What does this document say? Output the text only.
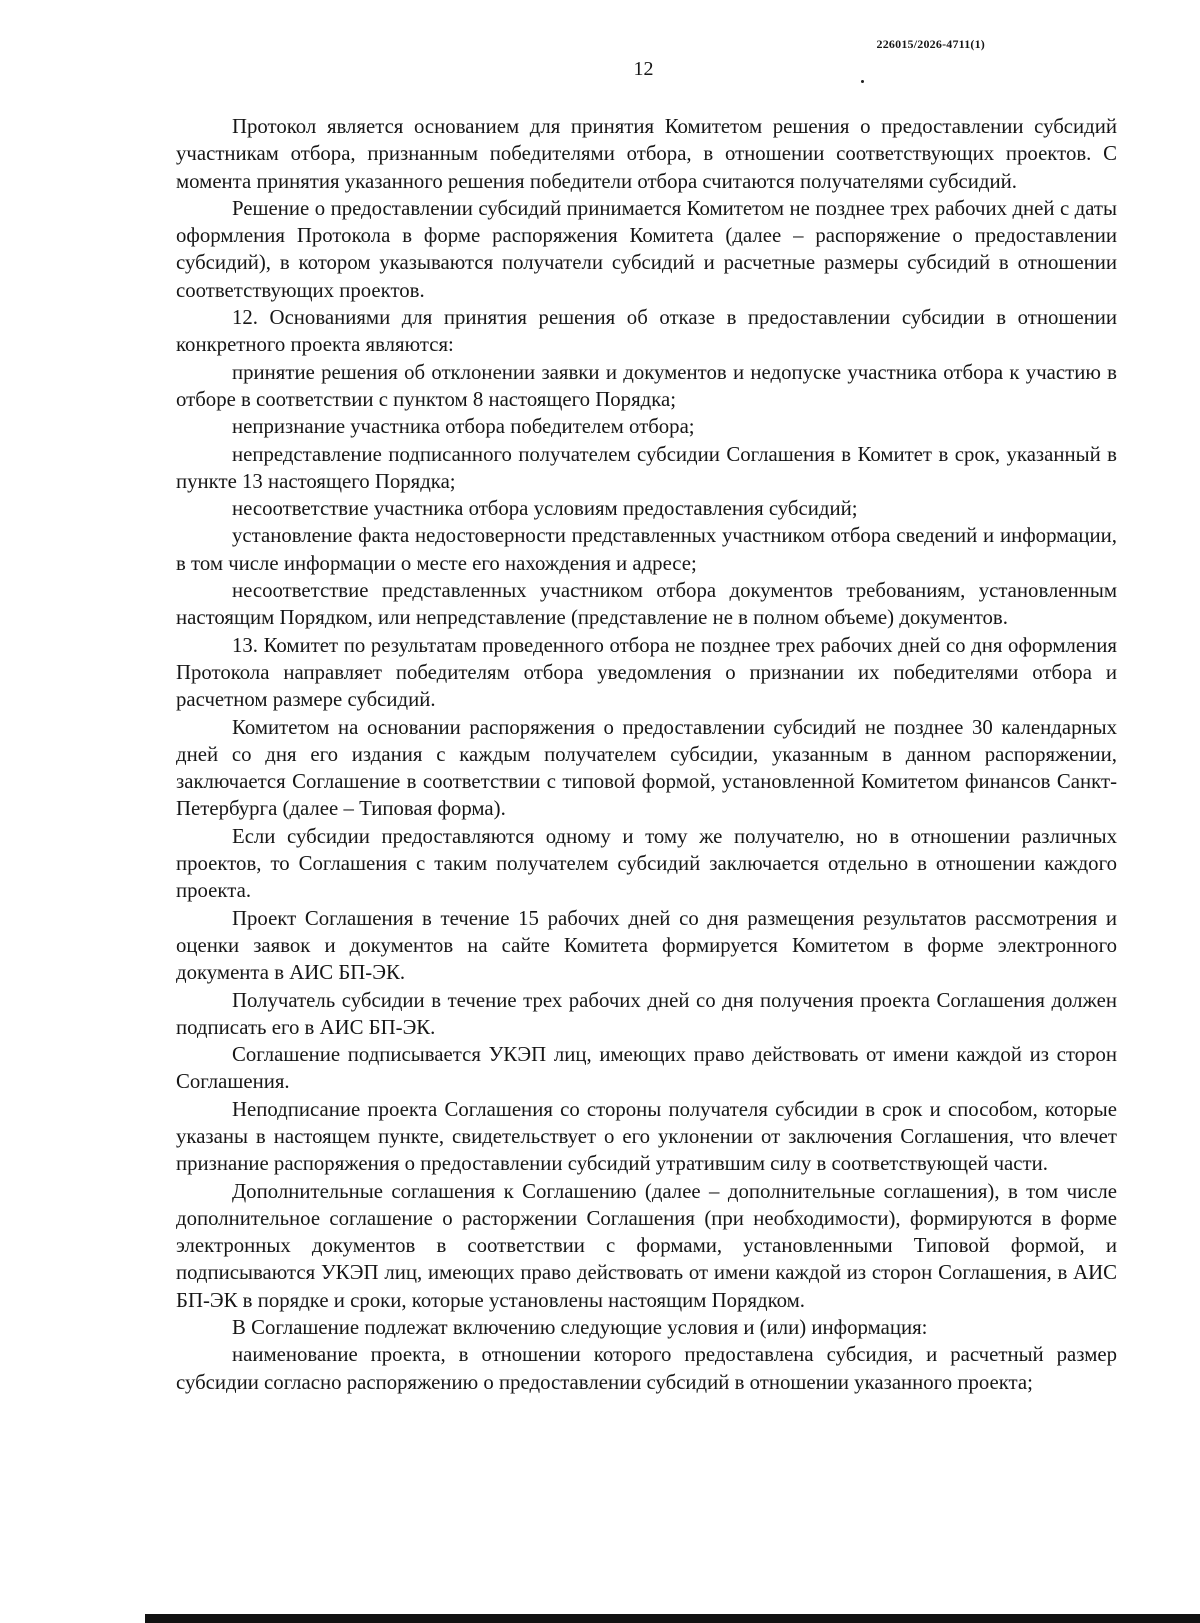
226015/2026-4711(1)
12

Протокол является основанием для принятия Комитетом решения о предоставлении субсидий участникам отбора, признанным победителями отбора, в отношении соответствующих проектов. С момента принятия указанного решения победители отбора считаются получателями субсидий.

Решение о предоставлении субсидий принимается Комитетом не позднее трех рабочих дней с даты оформления Протокола в форме распоряжения Комитета (далее – распоряжение о предоставлении субсидий), в котором указываются получатели субсидий и расчетные размеры субсидий в отношении соответствующих проектов.

12. Основаниями для принятия решения об отказе в предоставлении субсидии в отношении конкретного проекта являются:

принятие решения об отклонении заявки и документов и недопуске участника отбора к участию в отборе в соответствии с пунктом 8 настоящего Порядка;

непризнание участника отбора победителем отбора;

непредставление подписанного получателем субсидии Соглашения в Комитет в срок, указанный в пункте 13 настоящего Порядка;

несоответствие участника отбора условиям предоставления субсидий;

установление факта недостоверности представленных участником отбора сведений и информации, в том числе информации о месте его нахождения и адресе;

несоответствие представленных участником отбора документов требованиям, установленным настоящим Порядком, или непредставление (представление не в полном объеме) документов.

13. Комитет по результатам проведенного отбора не позднее трех рабочих дней со дня оформления Протокола направляет победителям отбора уведомления о признании их победителями отбора и расчетном размере субсидий.

Комитетом на основании распоряжения о предоставлении субсидий не позднее 30 календарных дней со дня его издания с каждым получателем субсидии, указанным в данном распоряжении, заключается Соглашение в соответствии с типовой формой, установленной Комитетом финансов Санкт-Петербурга (далее – Типовая форма).

Если субсидии предоставляются одному и тому же получателю, но в отношении различных проектов, то Соглашения с таким получателем субсидий заключается отдельно в отношении каждого проекта.

Проект Соглашения в течение 15 рабочих дней со дня размещения результатов рассмотрения и оценки заявок и документов на сайте Комитета формируется Комитетом в форме электронного документа в АИС БП-ЭК.

Получатель субсидии в течение трех рабочих дней со дня получения проекта Соглашения должен подписать его в АИС БП-ЭК.

Соглашение подписывается УКЭП лиц, имеющих право действовать от имени каждой из сторон Соглашения.

Неподписание проекта Соглашения со стороны получателя субсидии в срок и способом, которые указаны в настоящем пункте, свидетельствует о его уклонении от заключения Соглашения, что влечет признание распоряжения о предоставлении субсидий утратившим силу в соответствующей части.

Дополнительные соглашения к Соглашению (далее – дополнительные соглашения), в том числе дополнительное соглашение о расторжении Соглашения (при необходимости), формируются в форме электронных документов в соответствии с формами, установленными Типовой формой, и подписываются УКЭП лиц, имеющих право действовать от имени каждой из сторон Соглашения, в АИС БП-ЭК в порядке и сроки, которые установлены настоящим Порядком.

В Соглашение подлежат включению следующие условия и (или) информация:

наименование проекта, в отношении которого предоставлена субсидия, и расчетный размер субсидии согласно распоряжению о предоставлении субсидий в отношении указанного проекта;
